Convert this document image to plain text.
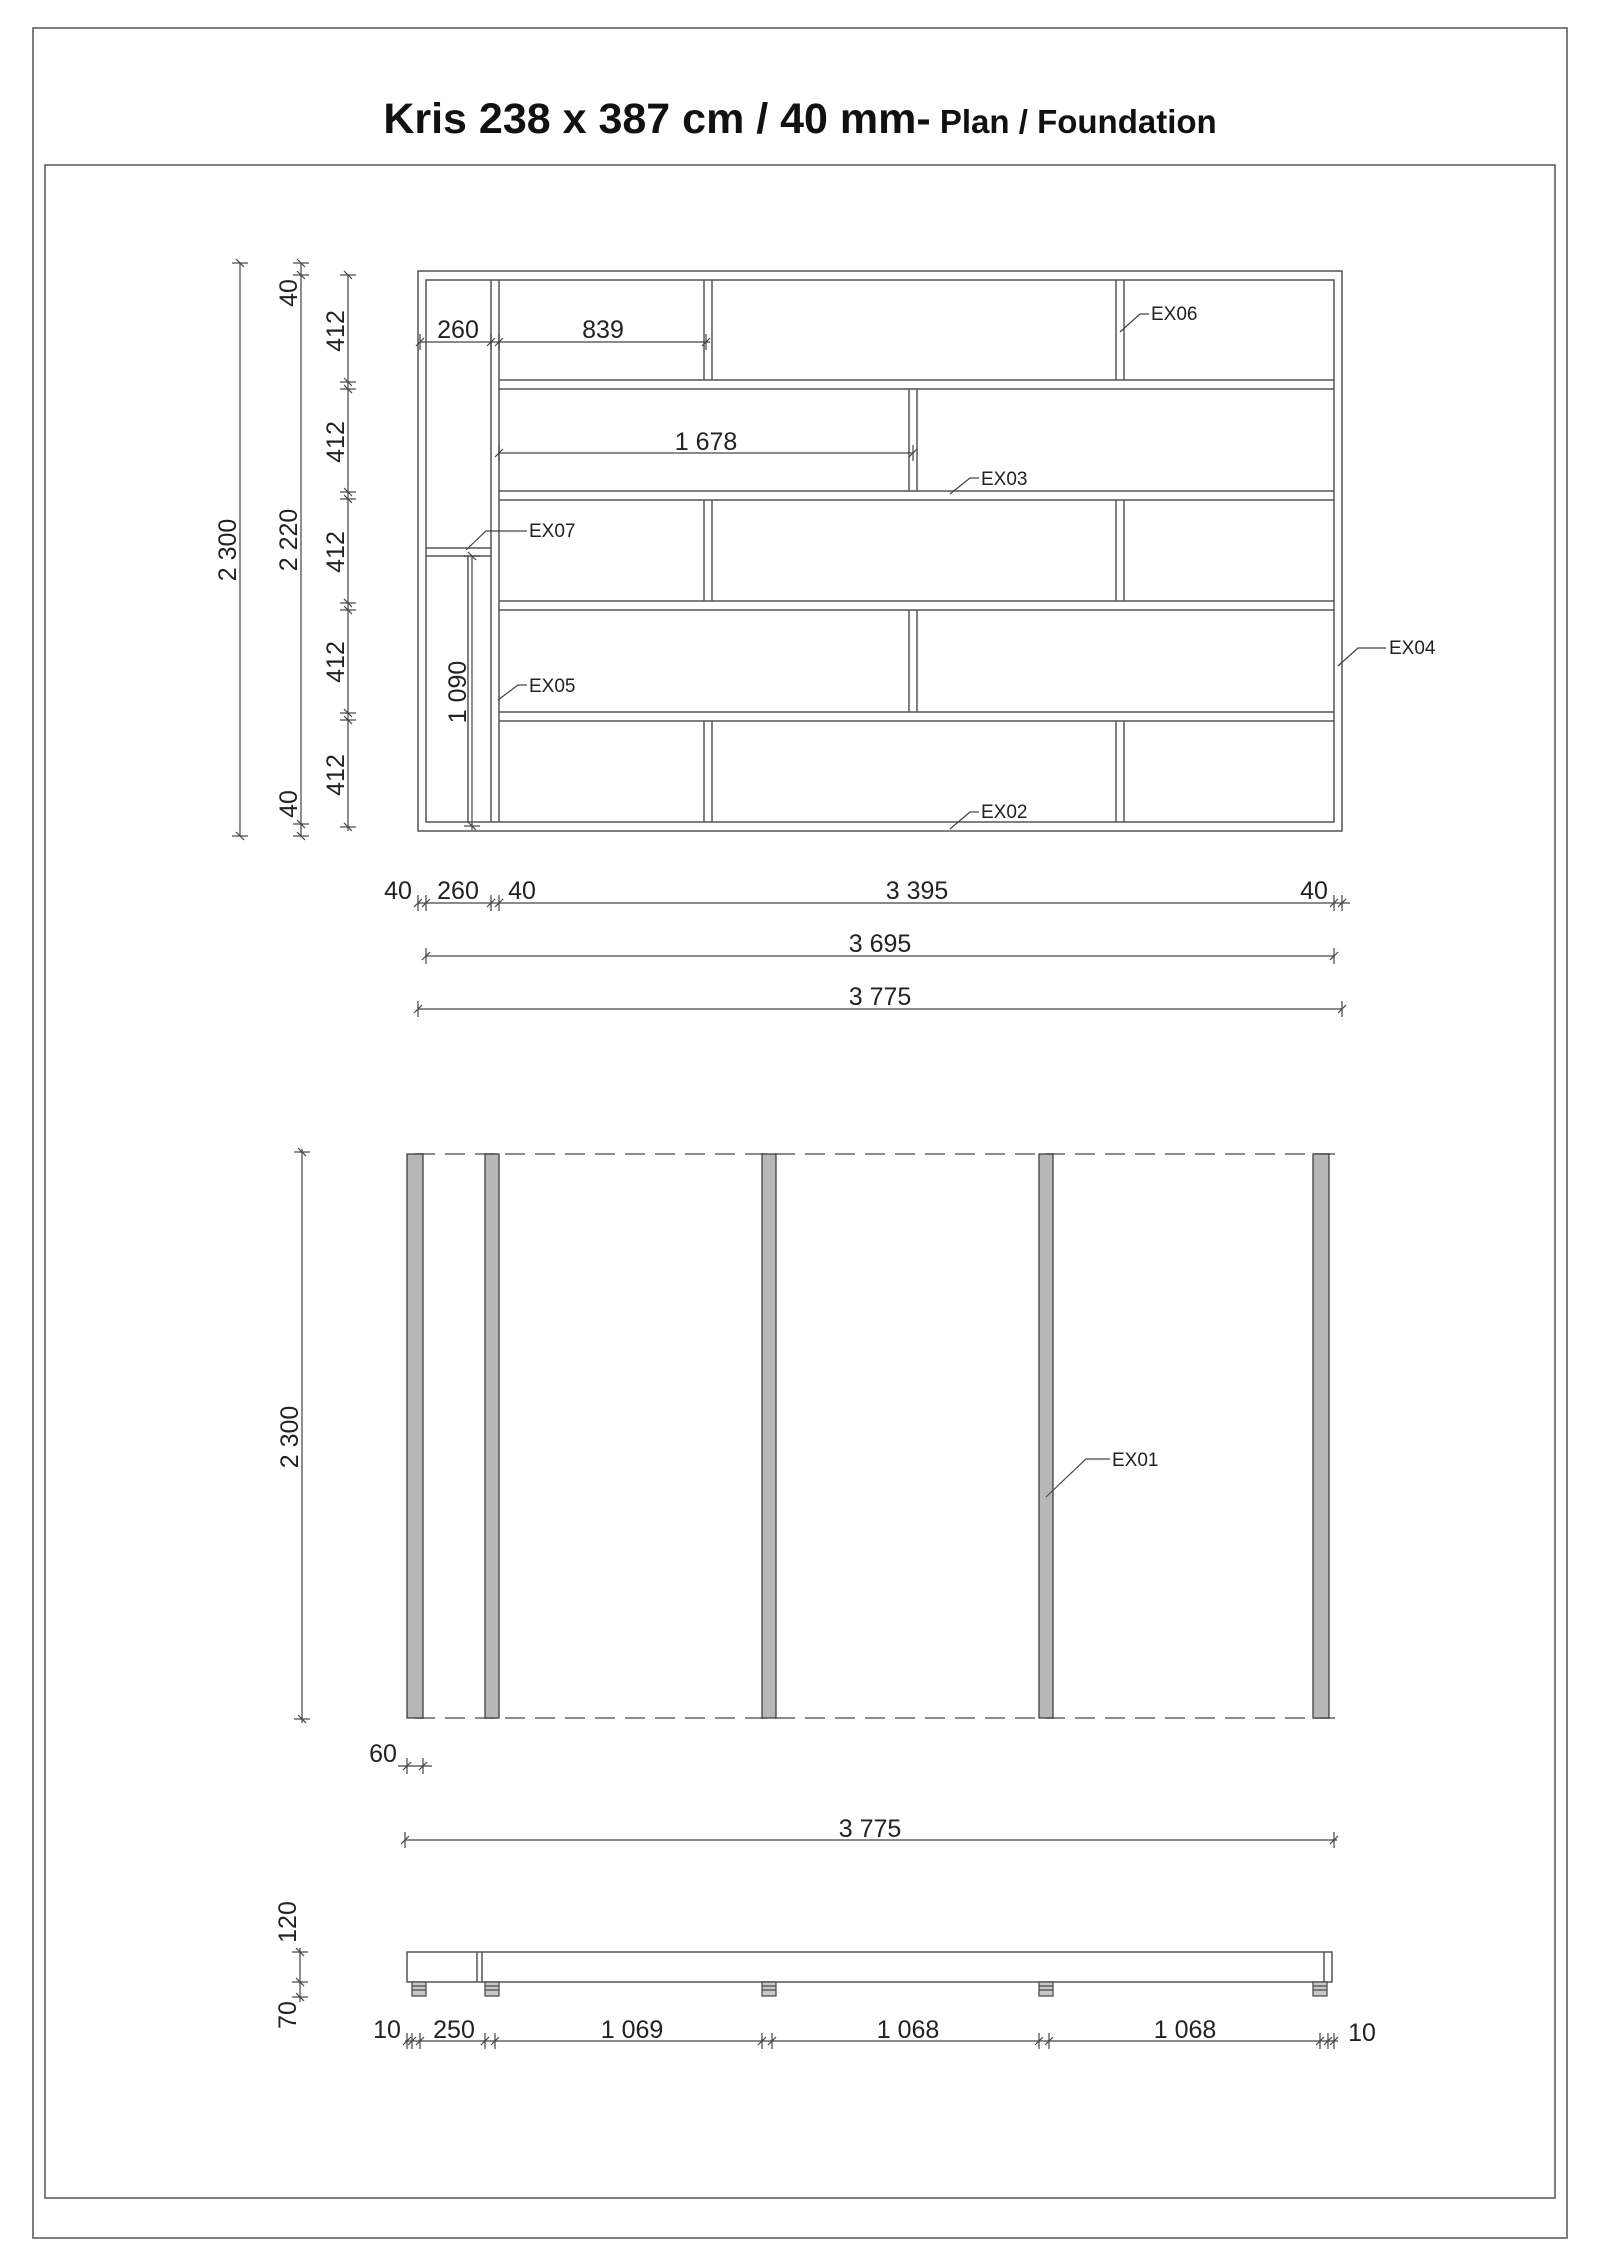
Kris 238 x 387 cm / 40 mm- Plan / Foundation
EX06
EX03
EX07
EX05
EX04
EX02
2 300 2 220
40
40
412
412
412
412
412
260	839
1 678
1 090
40 260 40	3 395	40
3 695
3 775
EX01
2 300
60
3 775
120
70
10 250	1 069	1 068	1 068	10
